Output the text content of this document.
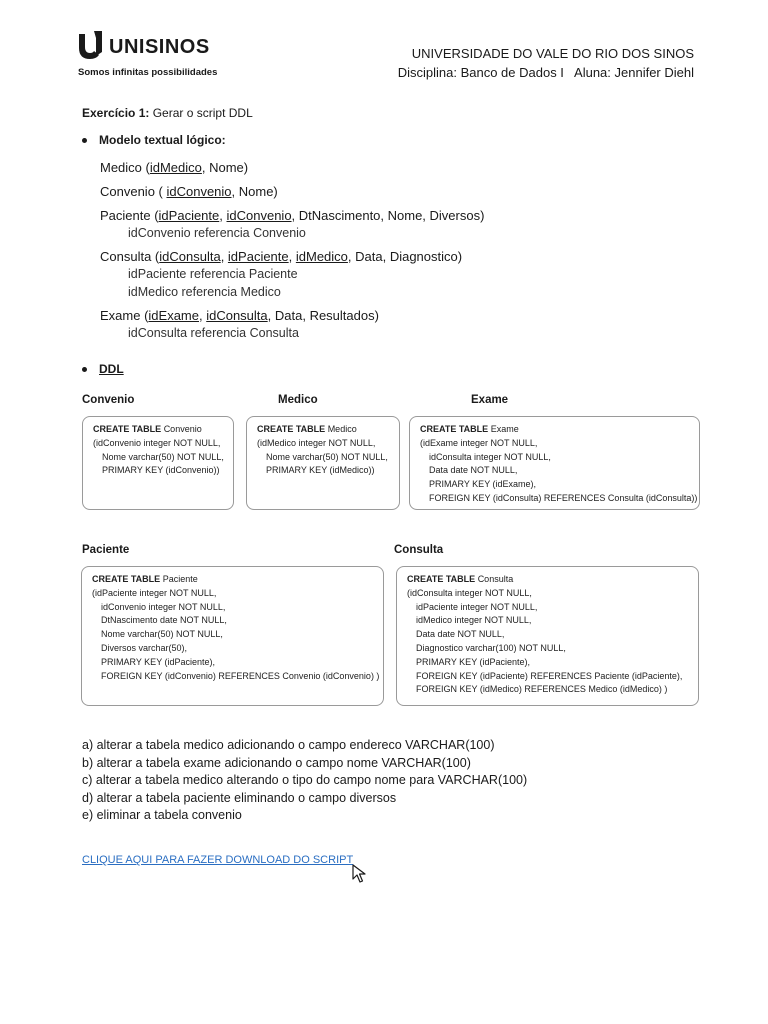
UNISINOS
Somos infinitas possibilidades
UNIVERSIDADE DO VALE DO RIO DOS SINOS
Disciplina: Banco de Dados I   Aluna: Jennifer Diehl
Exercício 1: Gerar o script DDL
Modelo textual lógico:
Medico (idMedico, Nome)
Convenio ( idConvenio, Nome)
Paciente (idPaciente, idConvenio, DtNascimento, Nome, Diversos)
idConvenio referencia Convenio
Consulta (idConsulta, idPaciente, idMedico, Data, Diagnostico)
idPaciente referencia Paciente
idMedico referencia Medico
Exame (idExame, idConsulta, Data, Resultados)
idConsulta referencia Consulta
DDL
Convenio	Medico	Exame
CREATE TABLE Convenio
(idConvenio integer NOT NULL,
Nome varchar(50) NOT NULL,
PRIMARY KEY (idConvenio))
CREATE TABLE Medico
(idMedico integer NOT NULL,
Nome varchar(50) NOT NULL,
PRIMARY KEY (idMedico))
CREATE TABLE Exame
(idExame integer NOT NULL,
idConsulta integer NOT NULL,
Data date NOT NULL,
PRIMARY KEY (idExame),
FOREIGN KEY (idConsulta) REFERENCES Consulta (idConsulta))
Paciente	Consulta
CREATE TABLE Paciente
(idPaciente integer NOT NULL,
idConvenio integer NOT NULL,
DtNascimento date NOT NULL,
Nome varchar(50) NOT NULL,
Diversos varchar(50),
PRIMARY KEY (idPaciente),
FOREIGN KEY (idConvenio) REFERENCES Convenio (idConvenio) )
CREATE TABLE Consulta
(idConsulta integer NOT NULL,
idPaciente integer NOT NULL,
idMedico integer NOT NULL,
Data date NOT NULL,
Diagnostico varchar(100) NOT NULL,
PRIMARY KEY (idPaciente),
FOREIGN KEY (idPaciente) REFERENCES Paciente (idPaciente),
FOREIGN KEY (idMedico) REFERENCES Medico (idMedico) )
a) alterar a tabela medico adicionando o campo endereco VARCHAR(100)
b) alterar a tabela exame adicionando o campo nome VARCHAR(100)
c) alterar a tabela medico alterando o tipo do campo nome para VARCHAR(100)
d) alterar a tabela paciente eliminando o campo diversos
e) eliminar a tabela convenio
CLIQUE AQUI PARA FAZER DOWNLOAD DO SCRIPT
